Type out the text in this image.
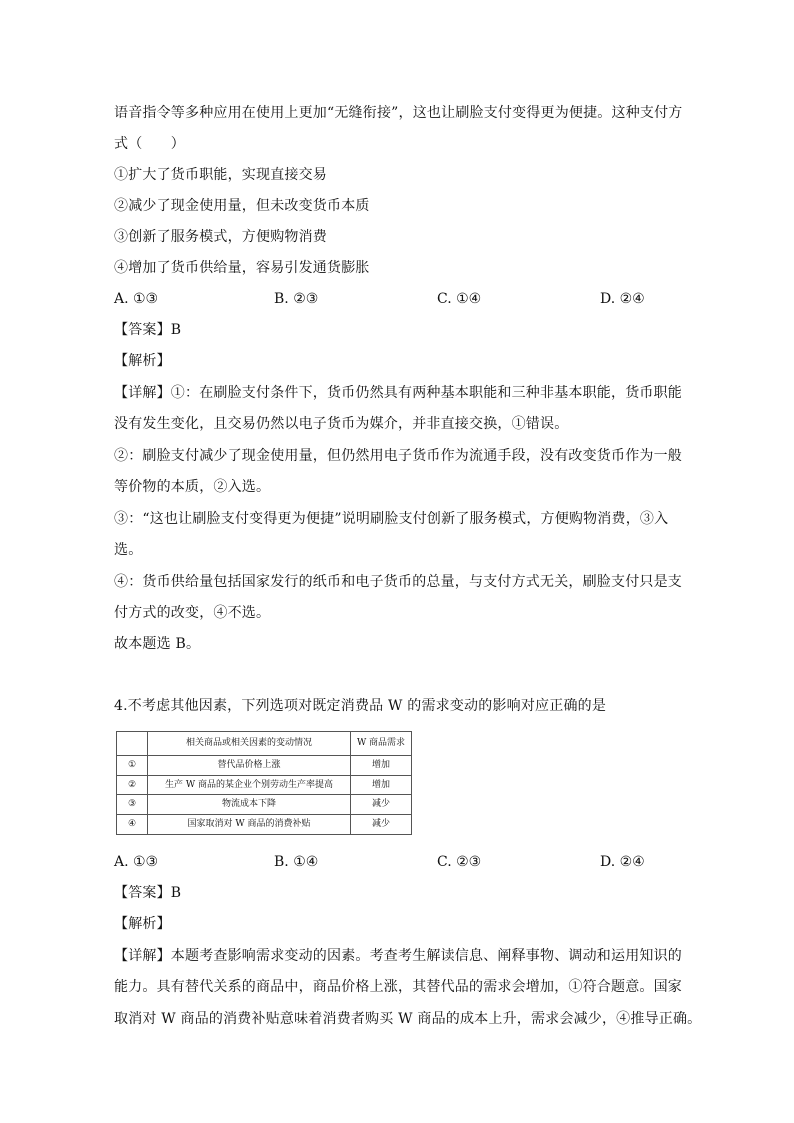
语音指令等多种应用在使用上更加“无缝衔接”，这也让刷脸支付变得更为便捷。这种支付方
式（　　）
①扩大了货币职能，实现直接交易
②减少了现金使用量，但未改变货币本质
③创新了服务模式，方便购物消费
④增加了货币供给量，容易引发通货膨胀
A. ①③	B. ②③	C. ①④	D. ②④
【答案】B
【解析】
【详解】①：在刷脸支付条件下，货币仍然具有两种基本职能和三种非基本职能，货币职能
没有发生变化，且交易仍然以电子货币为媒介，并非直接交换，①错误。
②：刷脸支付减少了现金使用量，但仍然用电子货币作为流通手段，没有改变货币作为一般
等价物的本质，②入选。
③：“这也让刷脸支付变得更为便捷”说明刷脸支付创新了服务模式，方便购物消费，③入
选。
④：货币供给量包括国家发行的纸币和电子货币的总量，与支付方式无关，刷脸支付只是支
付方式的改变，④不选。
故本题选 B。
4.不考虑其他因素，下列选项对既定消费品 W 的需求变动的影响对应正确的是
	相关商品或相关因素的变动情况	W 商品需求
①	替代品价格上涨	增加
②	生产 W 商品的某企业个别劳动生产率提高	增加
③	物流成本下降	减少
④	国家取消对 W 商品的消费补贴	减少
A. ①③	B. ①④	C. ②③	D. ②④
【答案】B
【解析】
【详解】本题考查影响需求变动的因素。考查考生解读信息、阐释事物、调动和运用知识的
能力。具有替代关系的商品中，商品价格上涨，其替代品的需求会增加，①符合题意。国家
取消对 W 商品的消费补贴意味着消费者购买 W 商品的成本上升，需求会减少，④推导正确。
